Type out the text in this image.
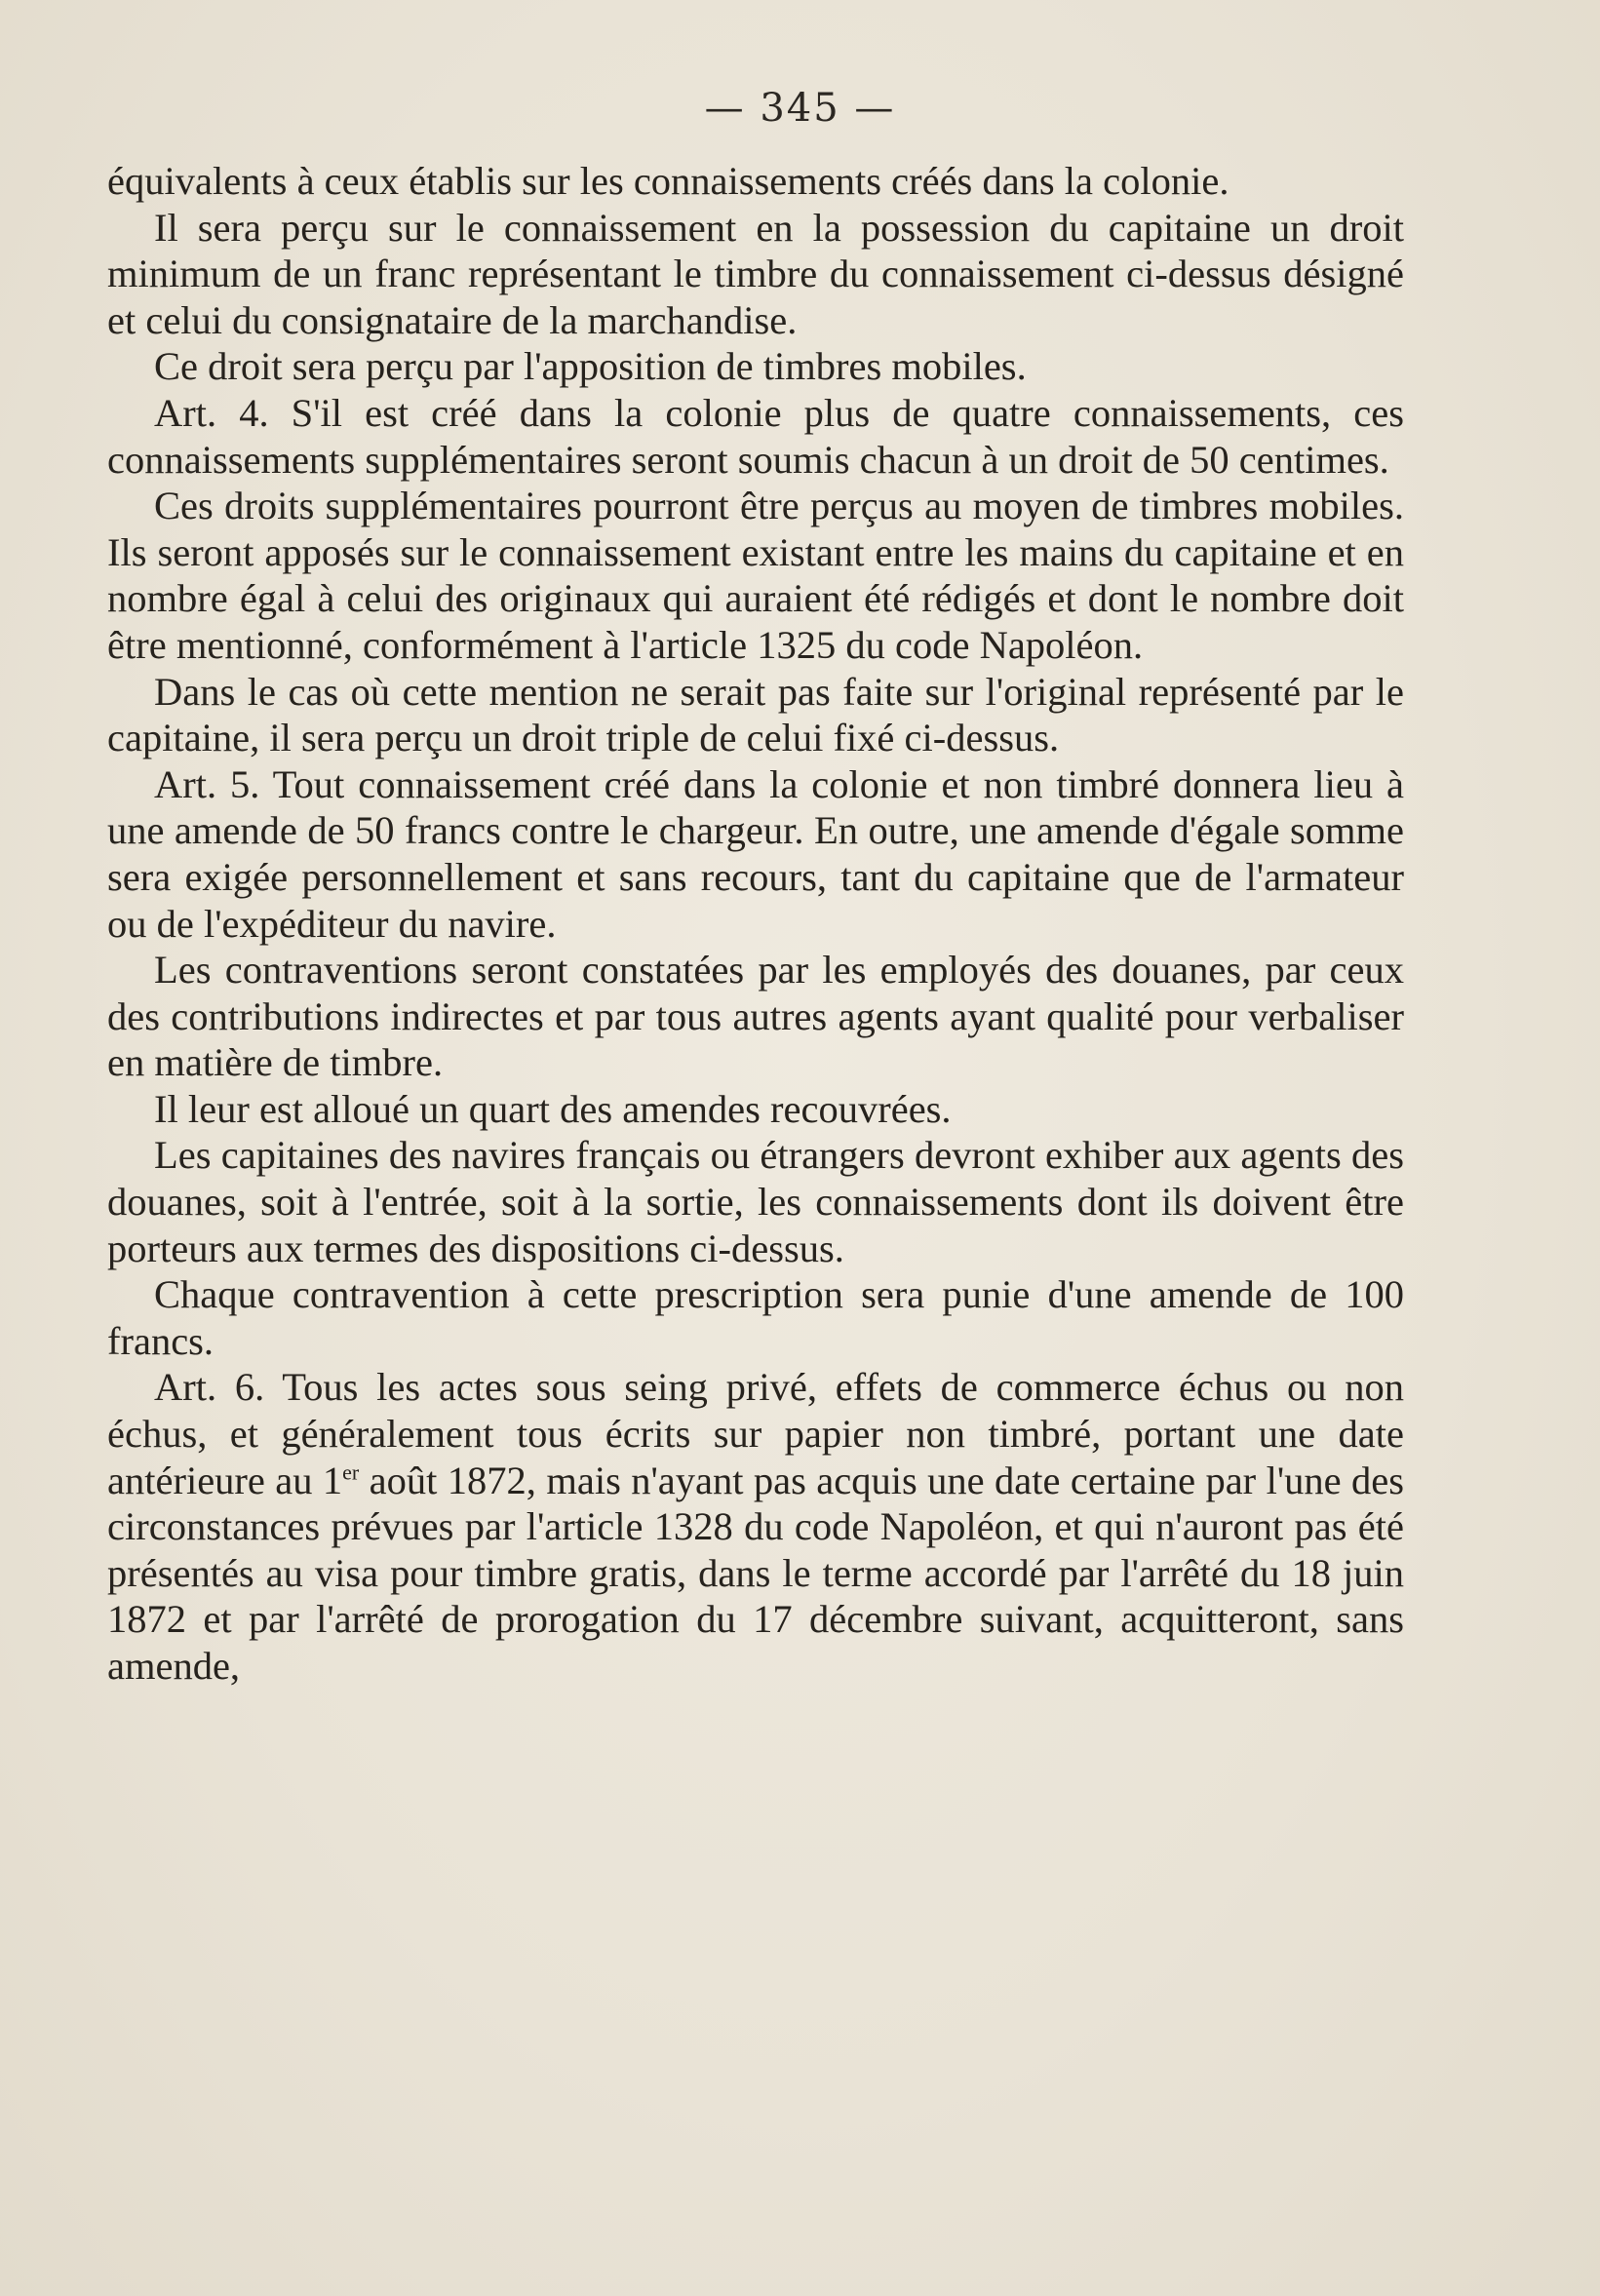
— 345 —

équivalents à ceux établis sur les connaissements créés dans la colonie.

Il sera perçu sur le connaissement en la possession du capitaine un droit minimum de un franc représentant le timbre du connaissement ci-dessus désigné et celui du consignataire de la marchandise.

Ce droit sera perçu par l'apposition de timbres mobiles.

Art. 4. S'il est créé dans la colonie plus de quatre connaissements, ces connaissements supplémentaires seront soumis chacun à un droit de 50 centimes.

Ces droits supplémentaires pourront être perçus au moyen de timbres mobiles. Ils seront apposés sur le connaissement existant entre les mains du capitaine et en nombre égal à celui des originaux qui auraient été rédigés et dont le nombre doit être mentionné, conformément à l'article 1325 du code Napoléon.

Dans le cas où cette mention ne serait pas faite sur l'original représenté par le capitaine, il sera perçu un droit triple de celui fixé ci-dessus.

Art. 5. Tout connaissement créé dans la colonie et non timbré donnera lieu à une amende de 50 francs contre le chargeur. En outre, une amende d'égale somme sera exigée personnellement et sans recours, tant du capitaine que de l'armateur ou de l'expéditeur du navire.

Les contraventions seront constatées par les employés des douanes, par ceux des contributions indirectes et par tous autres agents ayant qualité pour verbaliser en matière de timbre.

Il leur est alloué un quart des amendes recouvrées.

Les capitaines des navires français ou étrangers devront exhiber aux agents des douanes, soit à l'entrée, soit à la sortie, les connaissements dont ils doivent être porteurs aux termes des dispositions ci-dessus.

Chaque contravention à cette prescription sera punie d'une amende de 100 francs.

Art. 6. Tous les actes sous seing privé, effets de commerce échus ou non échus, et généralement tous écrits sur papier non timbré, portant une date antérieure au 1er août 1872, mais n'ayant pas acquis une date certaine par l'une des circonstances prévues par l'article 1328 du code Napoléon, et qui n'auront pas été présentés au visa pour timbre gratis, dans le terme accordé par l'arrêté du 18 juin 1872 et par l'arrêté de prorogation du 17 décembre suivant, acquitteront, sans amende,
